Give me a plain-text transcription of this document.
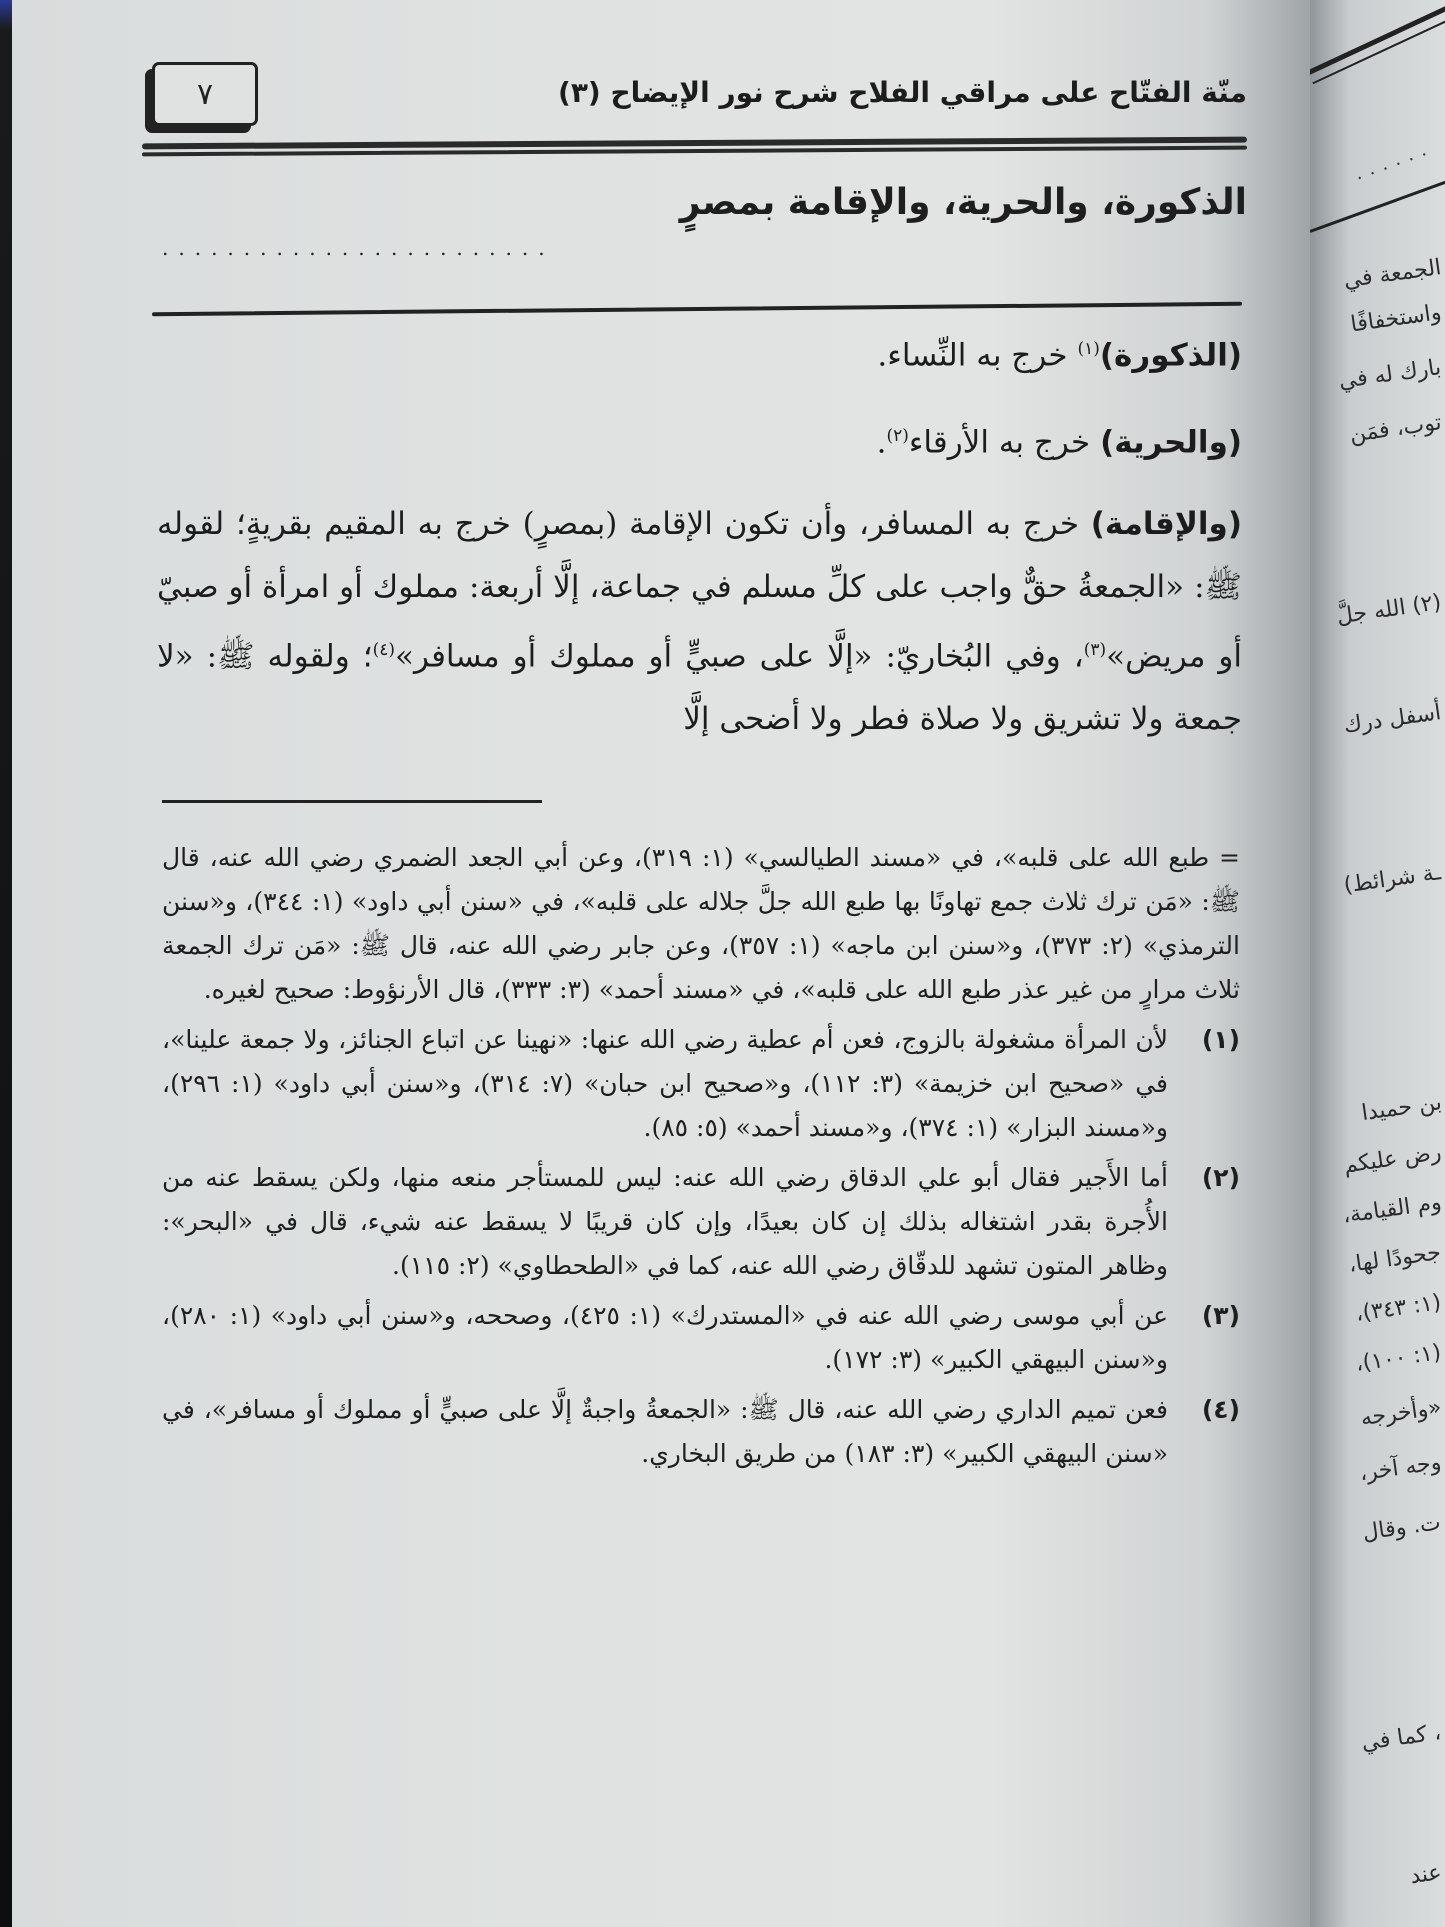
منّة الفتّاح على مراقي الفلاح شرح نور الإيضاح (٣)
٧
الذكورة، والحرية، والإقامة بمصرٍ
........................

(الذكورة)$^{(١)}$ خرج به النِّساء.

(والحرية) خرج به الأرقاء$^{(٢)}$.

(والإقامة) خرج به المسافر، وأن تكون الإقامة (بمصرٍ) خرج به المقيم بقريةٍ؛ لقوله ﷺ: «الجمعةُ حقٌّ واجب على كلِّ مسلم في جماعة، إلَّا أربعة: مملوك أو امرأة أو صبيّ أو مريض»$^{(٣)}$، وفي البُخاريّ: «إلَّا على صبيٍّ أو مملوك أو مسافر»$^{(٤)}$؛ ولقوله ﷺ: «لا جمعة ولا تشريق ولا صلاة فطر ولا أضحى إلَّا

= طبع الله على قلبه»، في «مسند الطيالسي» (١: ٣١٩)، وعن أبي الجعد الضمري رضي الله عنه، قال ﷺ: «مَن ترك ثلاث جمع تهاونًا بها طبع الله جلَّ جلاله على قلبه»، في «سنن أبي داود» (١: ٣٤٤)، و«سنن الترمذي» (٢: ٣٧٣)، و«سنن ابن ماجه» (١: ٣٥٧)، وعن جابر رضي الله عنه، قال ﷺ: «مَن ترك الجمعة ثلاث مرارٍ من غير عذر طبع الله على قلبه»، في «مسند أحمد» (٣: ٣٣٣)، قال الأرنؤوط: صحيح لغيره.

(١)
لأن المرأة مشغولة بالزوج، فعن أم عطية رضي الله عنها: «نهينا عن اتباع الجنائز، ولا جمعة علينا»، في «صحيح ابن خزيمة» (٣: ١١٢)، و«صحيح ابن حبان» (٧: ٣١٤)، و«سنن أبي داود» (١: ٢٩٦)، و«مسند البزار» (١: ٣٧٤)، و«مسند أحمد» (٥: ٨٥).

(٢)
أما الأَجير فقال أبو علي الدقاق رضي الله عنه: ليس للمستأجر منعه منها، ولكن يسقط عنه من الأُجرة بقدر اشتغاله بذلك إن كان بعيدًا، وإن كان قريبًا لا يسقط عنه شيء، قال في «البحر»: وظاهر المتون تشهد للدقّاق رضي الله عنه، كما في «الطحطاوي» (٢: ١١٥).

(٣)
عن أبي موسى رضي الله عنه في «المستدرك» (١: ٤٢٥)، وصححه، و«سنن أبي داود» (١: ٢٨٠)، و«سنن البيهقي الكبير» (٣: ١٧٢).

(٤)
فعن تميم الداري رضي الله عنه، قال ﷺ: «الجمعةُ واجبةٌ إلَّا على صبيٍّ أو مملوك أو مسافر»، في «سنن البيهقي الكبير» (٣: ١٨٣) من طريق البخاري.

......
الجمعة في
واستخفافًا
بارك له في
توب، فمَن
(٢) الله جلَّ
أسفل درك
ـة شرائط)
بن حميدا
رض عليكم
وم القيامة،
جحودًا لها،
(١: ٣٤٣)،
(١: ١٠٠)،
«وأخرجه
وجه آخر،
ت. وقال
، كما في
عند
